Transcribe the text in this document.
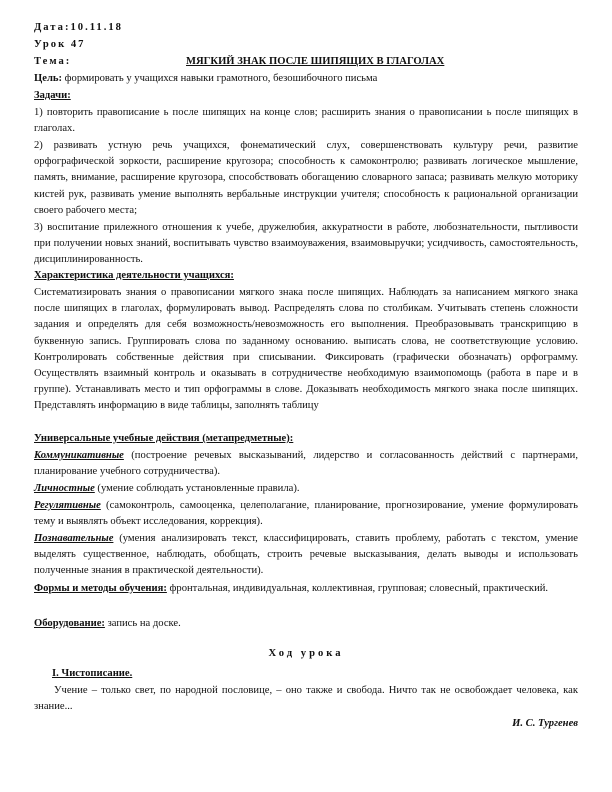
Дата:10.11.18
Урок 47
Тема:	МЯГКИЙ ЗНАК ПОСЛЕ ШИПЯЩИХ В ГЛАГОЛАХ
Цель: формировать у учащихся навыки грамотного, безошибочного письма
Задачи:

1) повторить правописание ь после шипящих на конце слов; расширить знания о правописании ь после шипящих в глаголах.

2) развивать устную речь учащихся, фонематический слух, совершенствовать культуру речи, развитие орфографической зоркости, расширение кругозора; способность к самоконтролю; развивать логическое мышление, память, внимание, расширение кругозора, способствовать обогащению словарного запаса; развивать мелкую моторику кистей рук, развивать умение выполнять вербальные инструкции учителя; способность к рациональной организации своего рабочего места;

3) воспитание прилежного отношения к учебе, дружелюбия, аккуратности в работе, любознательности, пытливости при получении новых знаний, воспитывать чувство взаимоуважения, взаимовыручки; усидчивость, самостоятельность, дисциплинированность.

Характеристика деятельности учащихся:

Систематизировать знания о правописании мягкого знака после шипящих. Наблюдать за написанием мягкого знака после шипящих в глаголах, формулировать вывод. Распределять слова по столбикам. Учитывать степень сложности задания и определять для себя возможность/невозможность его выполнения. Преобразовывать транскрипцию в буквенную запись. Группировать слова по заданному основанию. выписать слова, не соответствующие условию. Контролировать собственные действия при списывании. Фиксировать (графически обозначать) орфограмму. Осуществлять взаимный контроль и оказывать в сотрудничестве необходимую взаимопомощь (работа в паре и в группе). Устанавливать место и тип орфограммы в слове. Доказывать необходимость мягкого знака после шипящих. Представлять информацию в виде таблицы, заполнять таблицу

Универсальные учебные действия (метапредметные):

Коммуникативные (построение речевых высказываний, лидерство и согласованность действий с партнерами, планирование учебного сотрудничества).

Личностные (умение соблюдать установленные правила).

Регулятивные (самоконтроль, самооценка, целеполагание, планирование, прогнозирование, умение формулировать тему и выявлять объект исследования, коррекция).

Познавательные (умения анализировать текст, классифицировать, ставить проблему, работать с текстом, умение выделять существенное, наблюдать, обобщать, строить речевые высказывания, делать выводы и использовать полученные знания в практической деятельности).

Формы и методы обучения: фронтальная, индивидуальная, коллективная, групповая; словесный, практический.

Оборудование: запись на доске.
Ход урока
I. Чистописание.

Учение – только свет, по народной пословице, – оно также и свобода. Ничто так не освобождает человека, как знание...

И. С. Тургенев
